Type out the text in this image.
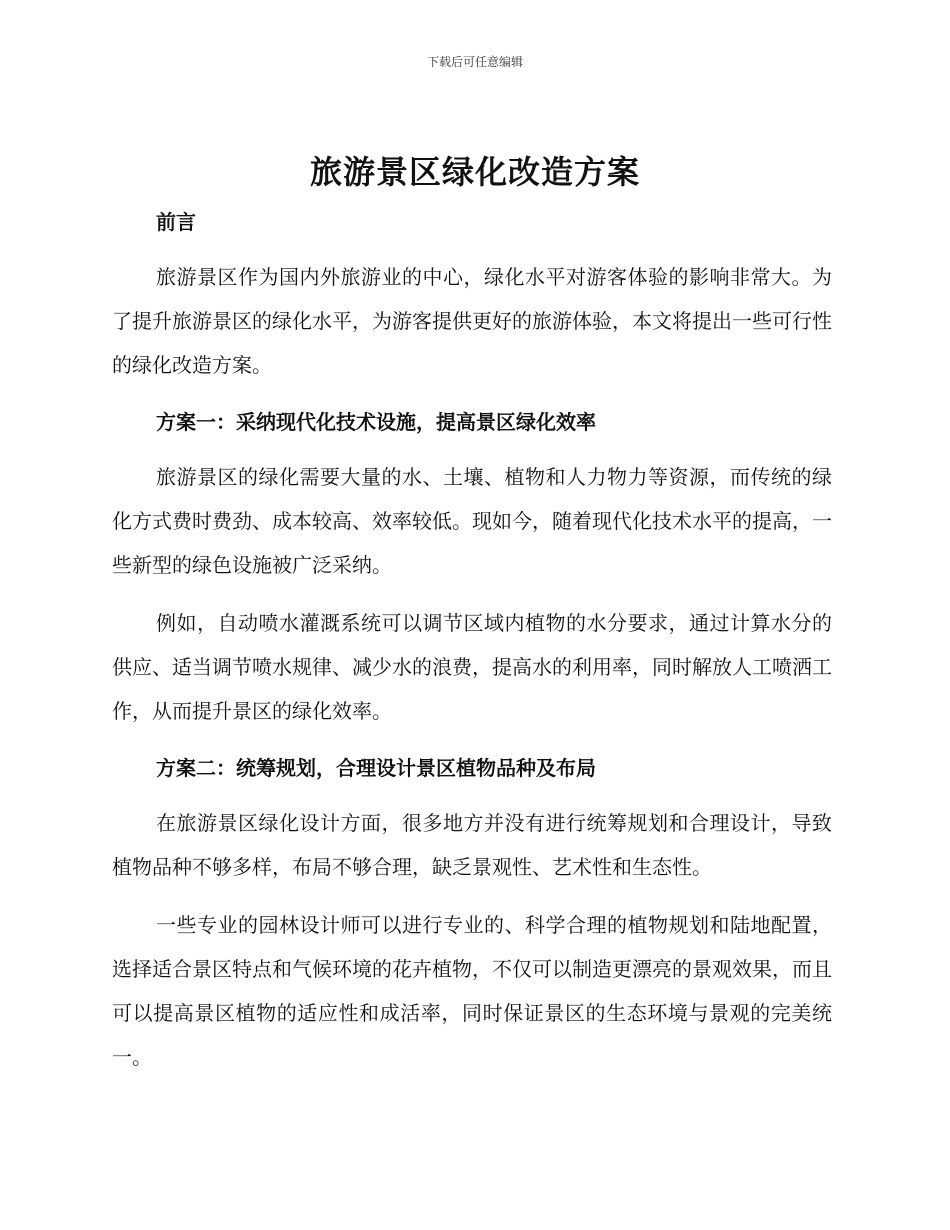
下载后可任意编辑
旅游景区绿化改造方案
前言

旅游景区作为国内外旅游业的中心，绿化水平对游客体验的影响非常大。为了提升旅游景区的绿化水平，为游客提供更好的旅游体验，本文将提出一些可行性的绿化改造方案。

方案一：采纳现代化技术设施，提高景区绿化效率

旅游景区的绿化需要大量的水、土壤、植物和人力物力等资源，而传统的绿化方式费时费劲、成本较高、效率较低。现如今，随着现代化技术水平的提高，一些新型的绿色设施被广泛采纳。

例如，自动喷水灌溉系统可以调节区域内植物的水分要求，通过计算水分的供应、适当调节喷水规律、减少水的浪费，提高水的利用率，同时解放人工喷洒工作，从而提升景区的绿化效率。

方案二：统筹规划，合理设计景区植物品种及布局

在旅游景区绿化设计方面，很多地方并没有进行统筹规划和合理设计，导致植物品种不够多样，布局不够合理，缺乏景观性、艺术性和生态性。

一些专业的园林设计师可以进行专业的、科学合理的植物规划和陆地配置，选择适合景区特点和气候环境的花卉植物，不仅可以制造更漂亮的景观效果，而且可以提高景区植物的适应性和成活率，同时保证景区的生态环境与景观的完美统一。
